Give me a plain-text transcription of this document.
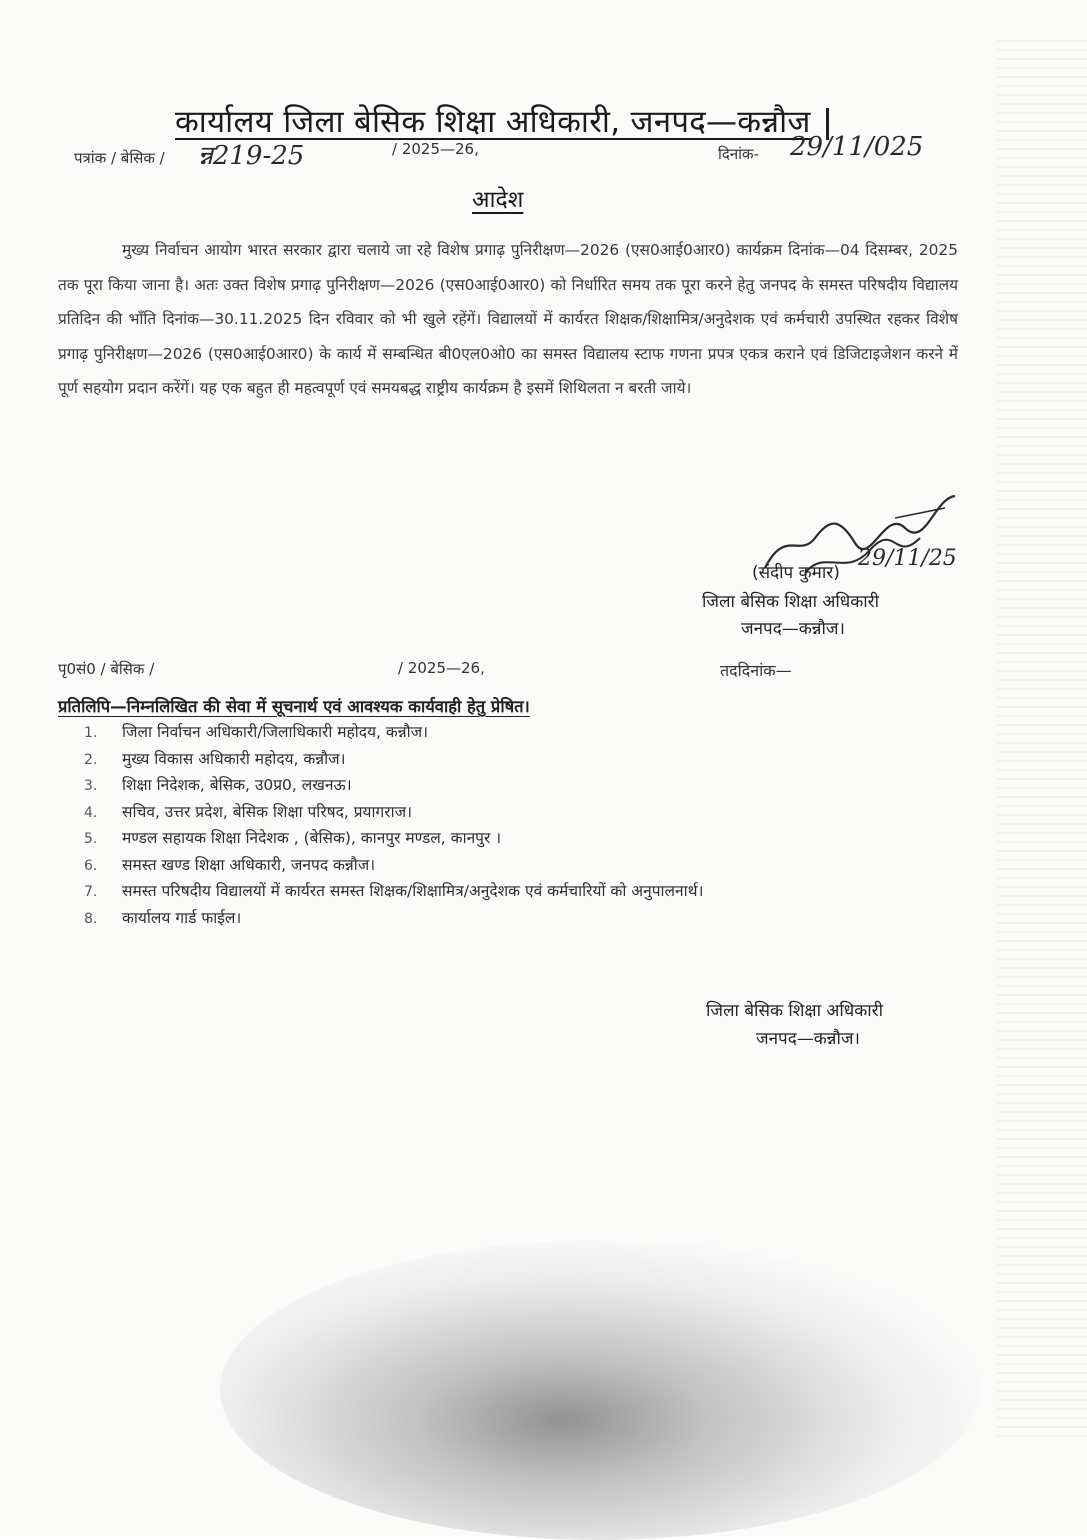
कार्यालय जिला बेसिक शिक्षा अधिकारी, जनपद—कन्नौज
पत्रांक / बेसिक / न्न219-25	/ 2025—26,	दिनांक- 29/11/025
आदेश

मुख्य निर्वाचन आयोग भारत सरकार द्वारा चलाये जा रहे विशेष प्रगाढ़ पुनिरीक्षण—2026 (एस0आई0आर0) कार्यक्रम दिनांक—04 दिसम्बर, 2025 तक पूरा किया जाना है। अतः उक्त विशेष प्रगाढ़ पुनिरीक्षण—2026 (एस0आई0आर0) को निर्धारित समय तक पूरा करने हेतु जनपद के समस्त परिषदीय विद्यालय प्रतिदिन की भाँति दिनांक—30.11.2025 दिन रविवार को भी खुले रहेंगें। विद्यालयों में कार्यरत शिक्षक/शिक्षामित्र/अनुदेशक एवं कर्मचारी उपस्थित रहकर विशेष प्रगाढ़ पुनिरीक्षण—2026 (एस0आई0आर0) के कार्य में सम्बन्धित बी0एल0ओ0 का समस्त विद्यालय स्टाफ गणना प्रपत्र एकत्र कराने एवं डिजिटाइजेशन करने में पूर्ण सहयोग प्रदान करेंगें। यह एक बहुत ही महत्वपूर्ण एवं समयबद्ध राष्ट्रीय कार्यक्रम है इसमें शिथिलता न बरती जाये।

(संदीप कुमार)
29/11/25
जिला बेसिक शिक्षा अधिकारी
जनपद—कन्नौज।
पृ0सं0 / बेसिक /	/ 2025—26,	तददिनांक—
प्रतिलिपि—निम्नलिखित की सेवा में सूचनार्थ एवं आवश्यक कार्यवाही हेतु प्रेषित।
1. जिला निर्वाचन अधिकारी/जिलाधिकारी महोदय, कन्नौज।
2. मुख्य विकास अधिकारी महोदय, कन्नौज।
3. शिक्षा निदेशक, बेसिक, उ0प्र0, लखनऊ।
4. सचिव, उत्तर प्रदेश, बेसिक शिक्षा परिषद, प्रयागराज।
5. मण्डल सहायक शिक्षा निदेशक , (बेसिक), कानपुर मण्डल, कानपुर ।
6. समस्त खण्ड शिक्षा अधिकारी, जनपद कन्नौज।
7. समस्त परिषदीय विद्यालयों में कार्यरत समस्त शिक्षक/शिक्षामित्र/अनुदेशक एवं कर्मचारियों को अनुपालनार्थ।
8. कार्यालय गार्ड फाईल।
जिला बेसिक शिक्षा अधिकारी
जनपद—कन्नौज।
